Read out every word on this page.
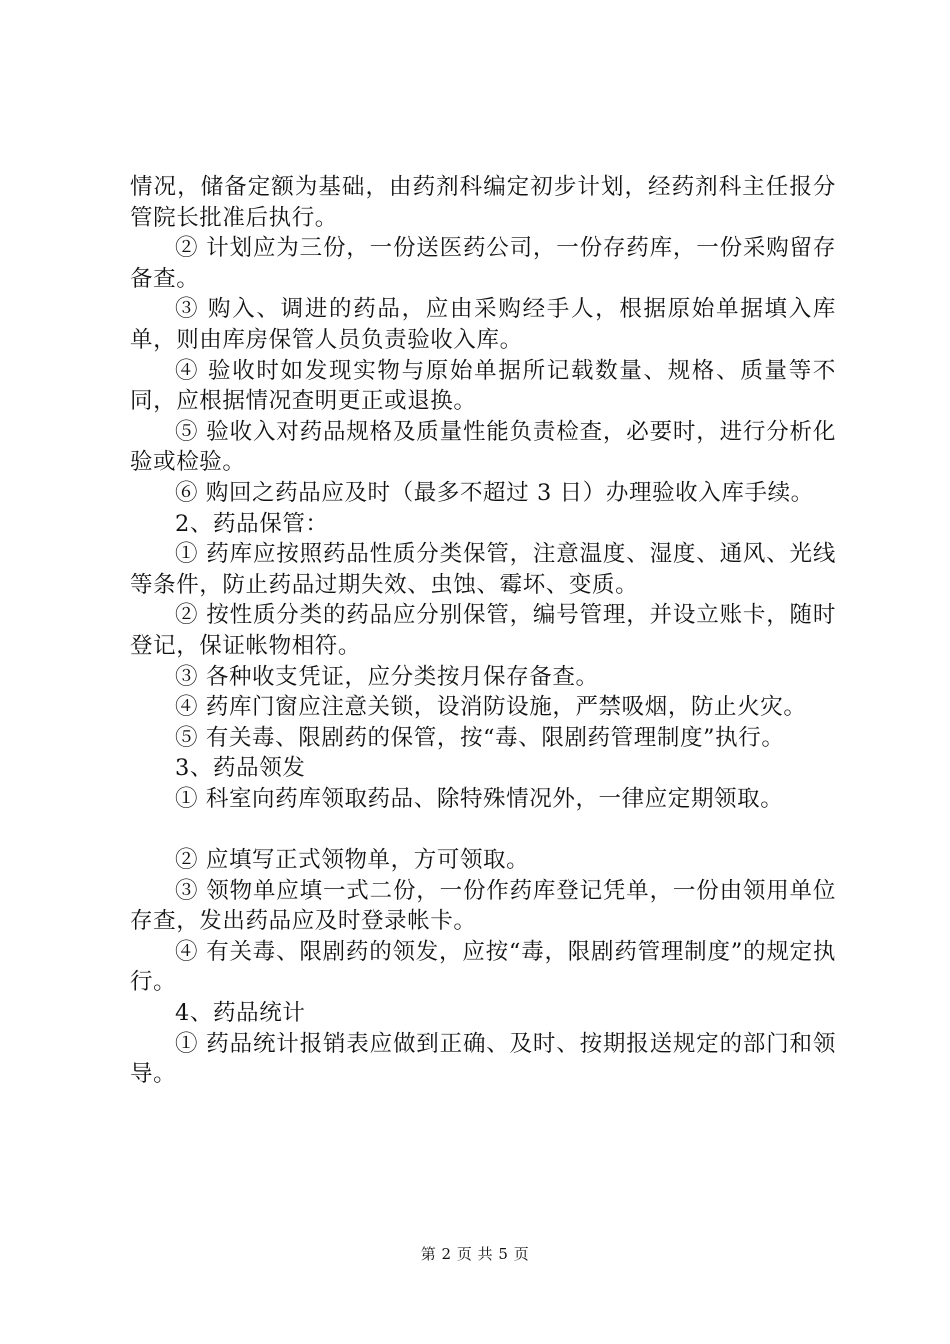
情况，储备定额为基础，由药剂科编定初步计划，经药剂科主任报分管院长批准后执行。

② 计划应为三份，一份送医药公司，一份存药库，一份采购留存备查。

③ 购入、调进的药品，应由采购经手人，根据原始单据填入库单，则由库房保管人员负责验收入库。

④ 验收时如发现实物与原始单据所记载数量、规格、质量等不同，应根据情况查明更正或退换。

⑤ 验收入对药品规格及质量性能负责检查，必要时，进行分析化验或检验。

⑥ 购回之药品应及时（最多不超过 3 日）办理验收入库手续。

2、药品保管：

① 药库应按照药品性质分类保管，注意温度、湿度、通风、光线等条件，防止药品过期失效、虫蚀、霉坏、变质。

② 按性质分类的药品应分别保管，编号管理，并设立账卡，随时登记，保证帐物相符。

③ 各种收支凭证，应分类按月保存备查。

④ 药库门窗应注意关锁，设消防设施，严禁吸烟，防止火灾。

⑤ 有关毒、限剧药的保管，按“毒、限剧药管理制度”执行。

3、药品领发

① 科室向药库领取药品、除特殊情况外，一律应定期领取。

② 应填写正式领物单，方可领取。

③ 领物单应填一式二份，一份作药库登记凭单，一份由领用单位存查，发出药品应及时登录帐卡。

④ 有关毒、限剧药的领发，应按“毒，限剧药管理制度”的规定执行。

4、药品统计

① 药品统计报销表应做到正确、及时、按期报送规定的部门和领导。

第 2 页 共 5 页
